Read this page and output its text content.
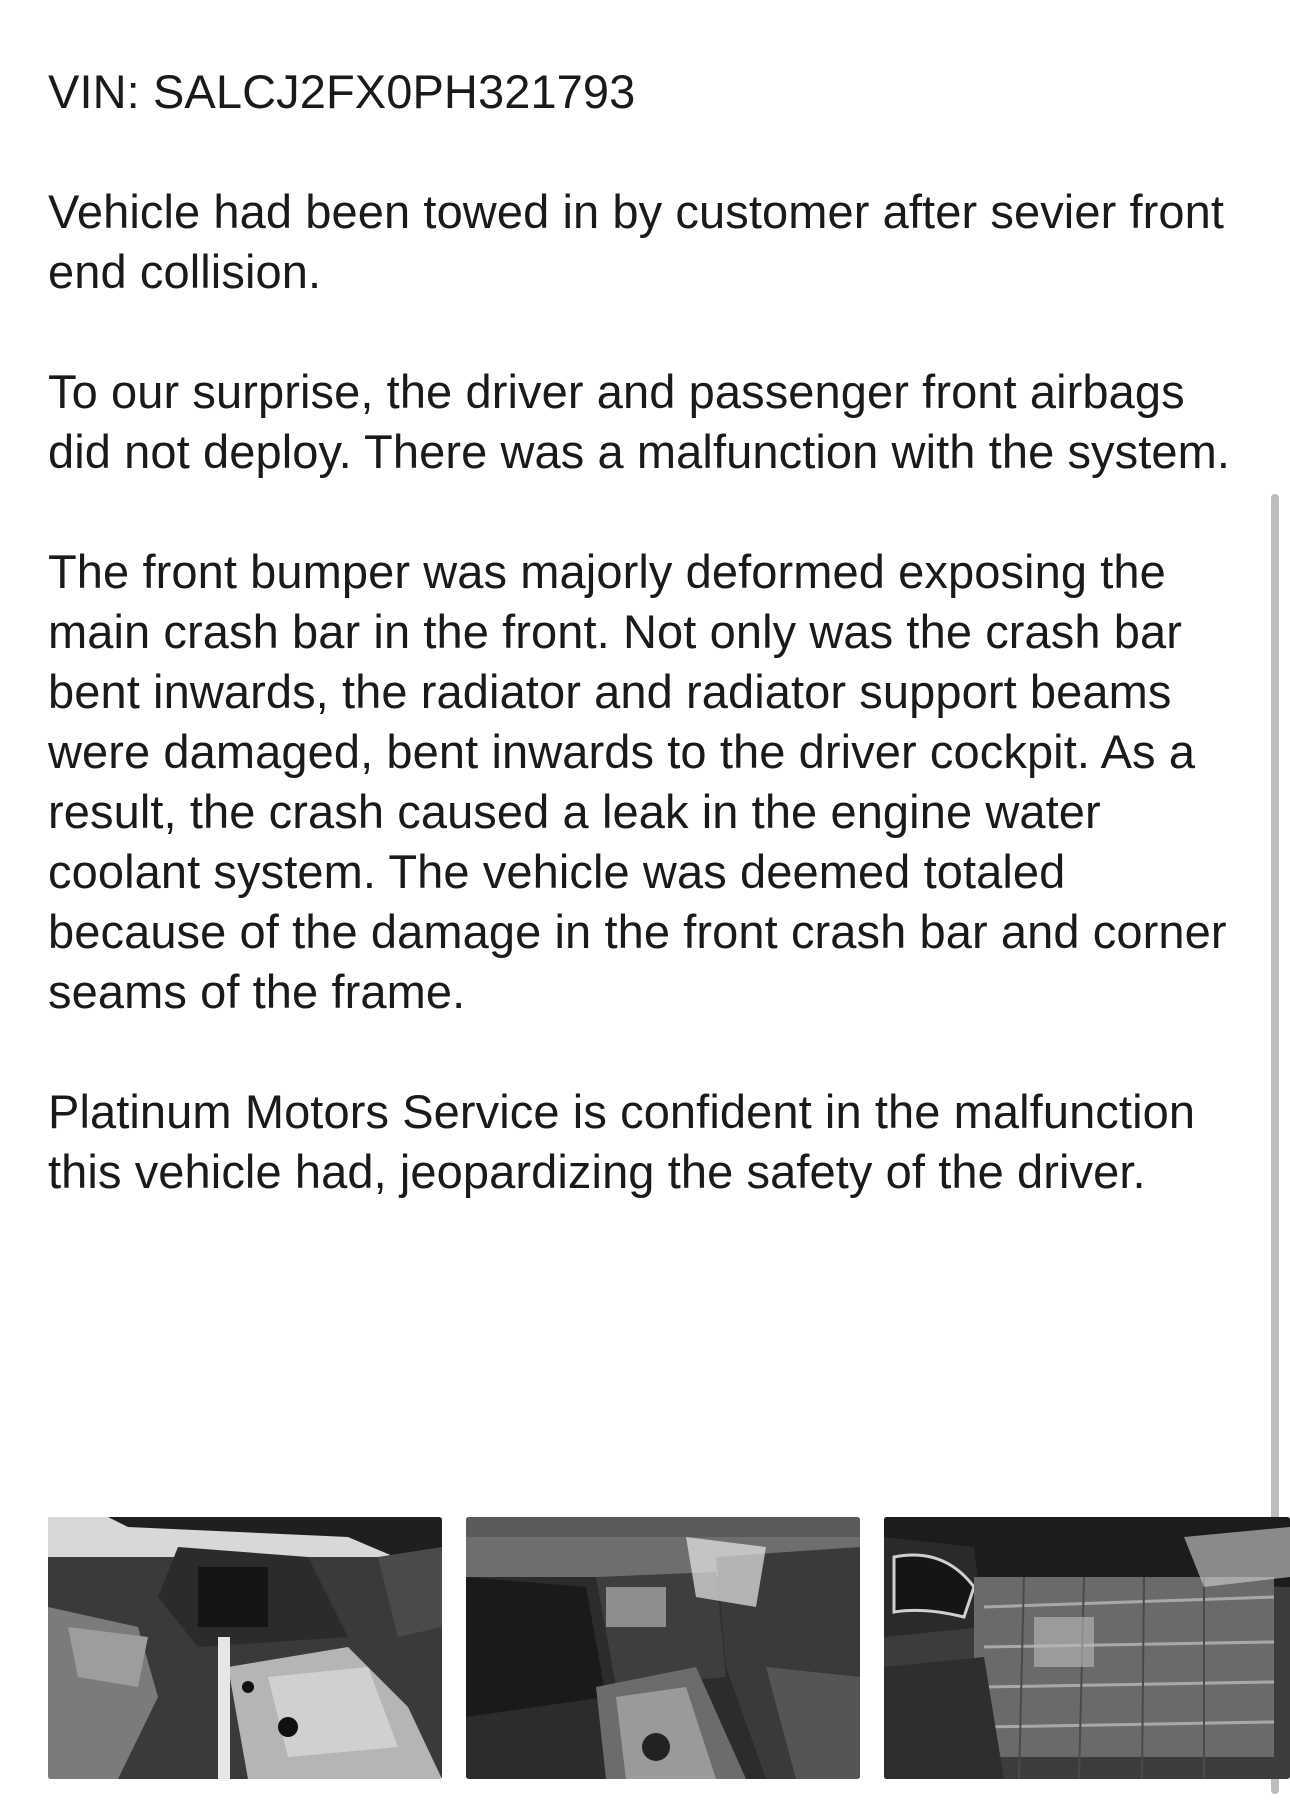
VIN: SALCJ2FX0PH321793

Vehicle had been towed in by customer after sevier front end collision.

To our surprise, the driver and passenger front airbags did not deploy. There was a malfunction with the system.

The front bumper was majorly deformed exposing the main crash bar in the front. Not only was the crash bar bent inwards, the radiator and radiator support beams were damaged, bent inwards to the driver cockpit. As a result, the crash caused a leak in the engine water coolant system. The vehicle was deemed totaled because of the damage in the front crash bar and corner seams of the frame.

Platinum Motors Service is confident in the malfunction this vehicle had, jeopardizing the safety of the driver.
